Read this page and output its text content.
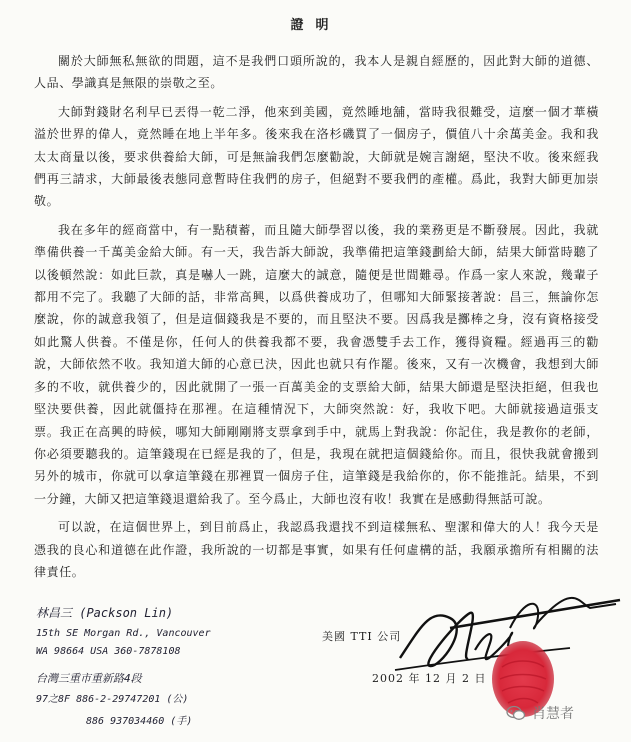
證明

關於大師無私無欲的問題，這不是我們口頭所說的，我本人是親自經歷的，因此對大師的道德、人品、學識真是無限的崇敬之至。

大師對錢財名利早已丟得一乾二淨，他來到美國，竟然睡地舖，當時我很難受，這麼一個才華橫溢於世界的偉人，竟然睡在地上半年多。後來我在洛杉磯買了一個房子，價值八十余萬美金。我和我太太商量以後，要求供養給大師，可是無論我們怎麼勸說，大師就是婉言謝絕，堅決不收。後來經我們再三請求，大師最後表態同意暫時住我們的房子，但絕對不要我們的產權。爲此，我對大師更加崇敬。

我在多年的經商當中，有一點積蓄，而且隨大師學習以後，我的業務更是不斷發展。因此，我就準備供養一千萬美金給大師。有一天，我告訴大師說，我準備把這筆錢劃給大師，結果大師當時聽了以後頓然說：如此巨款，真是嚇人一跳，這麼大的誠意，隨便是世間難尋。作爲一家人來說，幾輩子都用不完了。我聽了大師的話，非常高興，以爲供養成功了，但哪知大師緊接著說：昌三，無論你怎麼說，你的誠意我領了，但是這個錢我是不要的，而且堅決不要。因爲我是擲棒之身，沒有資格接受如此驚人供養。不僅是你，任何人的供養我都不要，我會憑雙手去工作，獲得資糧。經過再三的勸說，大師依然不收。我知道大師的心意已決，因此也就只有作罷。後來，又有一次機會，我想到大師多的不收，就供養少的，因此就開了一張一百萬美金的支票給大師，結果大師還是堅決拒絕，但我也堅決要供養，因此就僵持在那裡。在這種情況下，大師突然說：好，我收下吧。大師就接過這張支票。我正在高興的時候，哪知大師剛剛將支票拿到手中，就馬上對我說：你記住，我是教你的老師，你必須要聽我的。這筆錢現在已經是我的了，但是，我現在就把這個錢給你。而且，很快我就會搬到另外的城市，你就可以拿這筆錢在那裡買一個房子住，這筆錢是我給你的，你不能推託。結果，不到一分鐘，大師又把這筆錢退還給我了。至今爲止，大師也沒有收！我實在是感動得無話可說。

可以說，在這個世界上，到目前爲止，我認爲我還找不到這樣無私、聖潔和偉大的人！我今天是憑我的良心和道德在此作證，我所說的一切都是事實，如果有任何虛構的話，我願承擔所有相關的法律責任。

林昌三 (Packson Lin)
15th SE Morgan Rd., Vancouver
WA 98664 USA 360-7878108
台灣三重市重新路4段
97之8F 886-2-29747201 (公)
886 937034460 (手)
美國 TTI 公司
2002 年 12 月 2 日
肖慧者
